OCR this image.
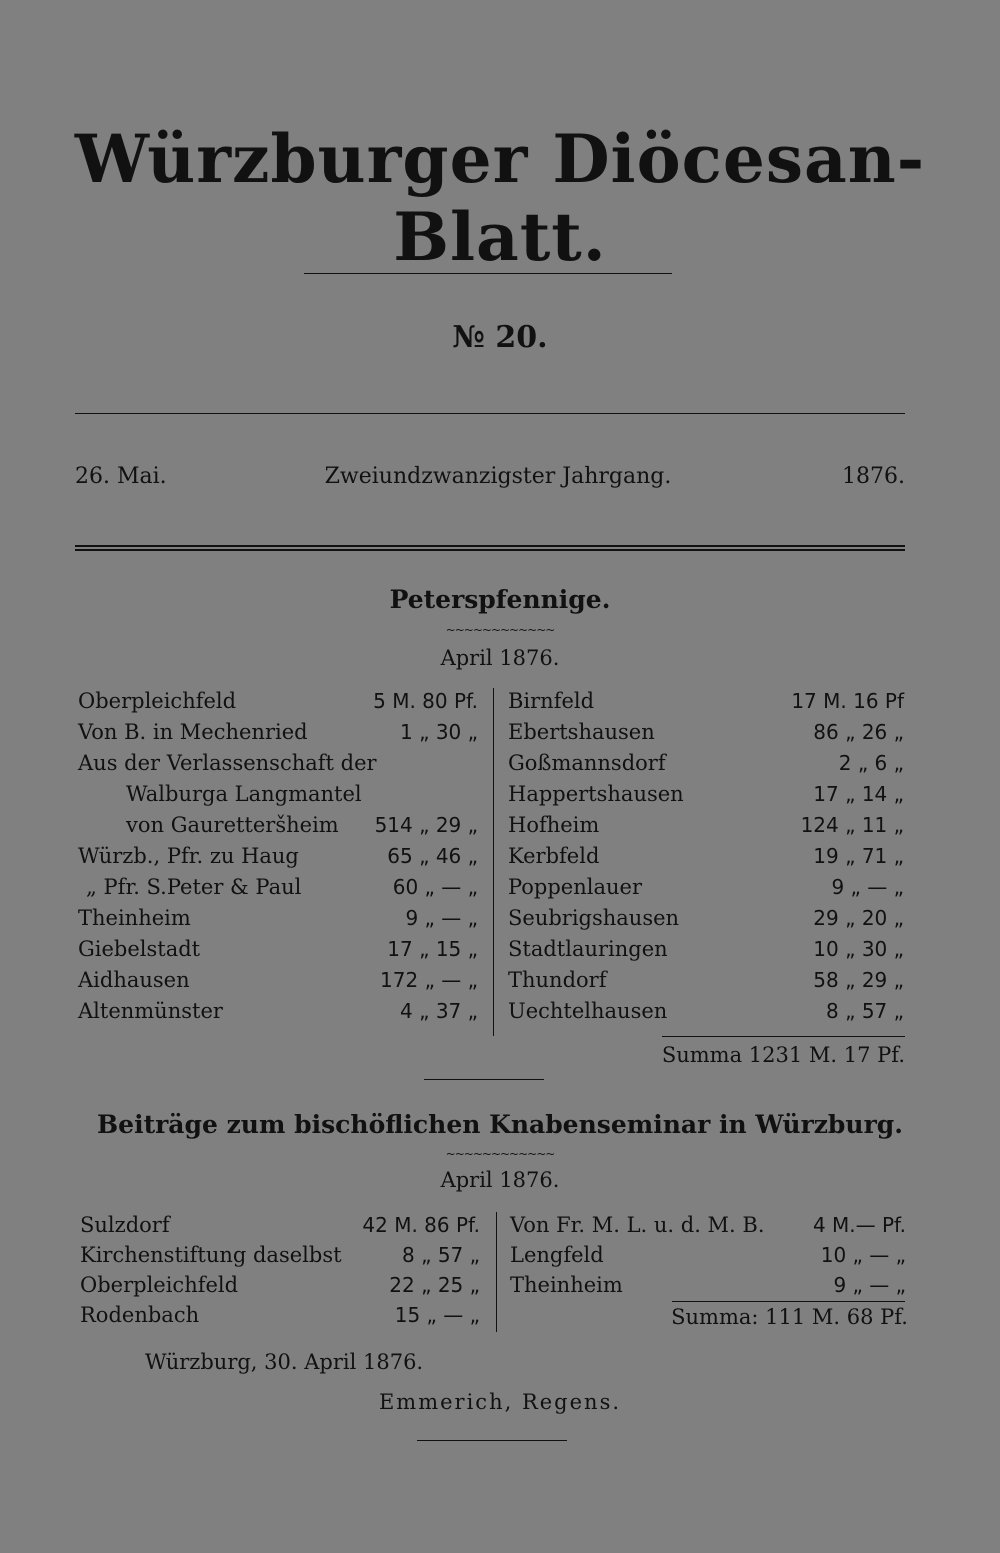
Würzburger Diöcesan-Blatt.
№ 20.
26. Mai.	Zweiundzwanzigster Jahrgang.	1876.
Peterspfennige.
~~~~~~~~~~~~
April 1876.
Oberpleichfeld	5 M. 80 Pf.
Von B. in Mechenried	1 „ 30 „
Aus der Verlassenschaft der
Walburga Langmantel
von Gauretteršheim 514 „ 29 „
Würzb., Pfr. zu Haug	65 „ 46 „
„ Pfr. S.Peter & Paul	60 „ — „
Theinheim	9 „ — „
Giebelstadt	17 „ 15 „
Aidhausen	172 „ — „
Altenmünster	4 „ 37 „
Birnfeld	17 M. 16 Pf
Ebertshausen	86 „ 26 „
Goßmannsdorf	2 „ 6 „
Happertshausen	17 „ 14 „
Hofheim	124 „ 11 „
Kerbfeld	19 „ 71 „
Poppenlauer	9 „ — „
Seubrigshausen	29 „ 20 „
Stadtlauringen	10 „ 30 „
Thundorf	58 „ 29 „
Uechtelhausen	8 „ 57 „
Summa 1231 M. 17 Pf.
Beiträge zum bischöflichen Knabenseminar in Würzburg.
~~~~~~~~~~~~
April 1876.
Sulzdorf	42 M. 86 Pf.
Kirchenstiftung daselbst	8 „ 57 „
Oberpleichfeld	22 „ 25 „
Rodenbach	15 „ — „
Von Fr. M. L. u. d. M. B. 4 M.— Pf.
Lengfeld	10 „ — „
Theinheim	9 „ — „
Summa: 111 M. 68 Pf.
Würzburg, 30. April 1876.
Emmerich, Regens.
